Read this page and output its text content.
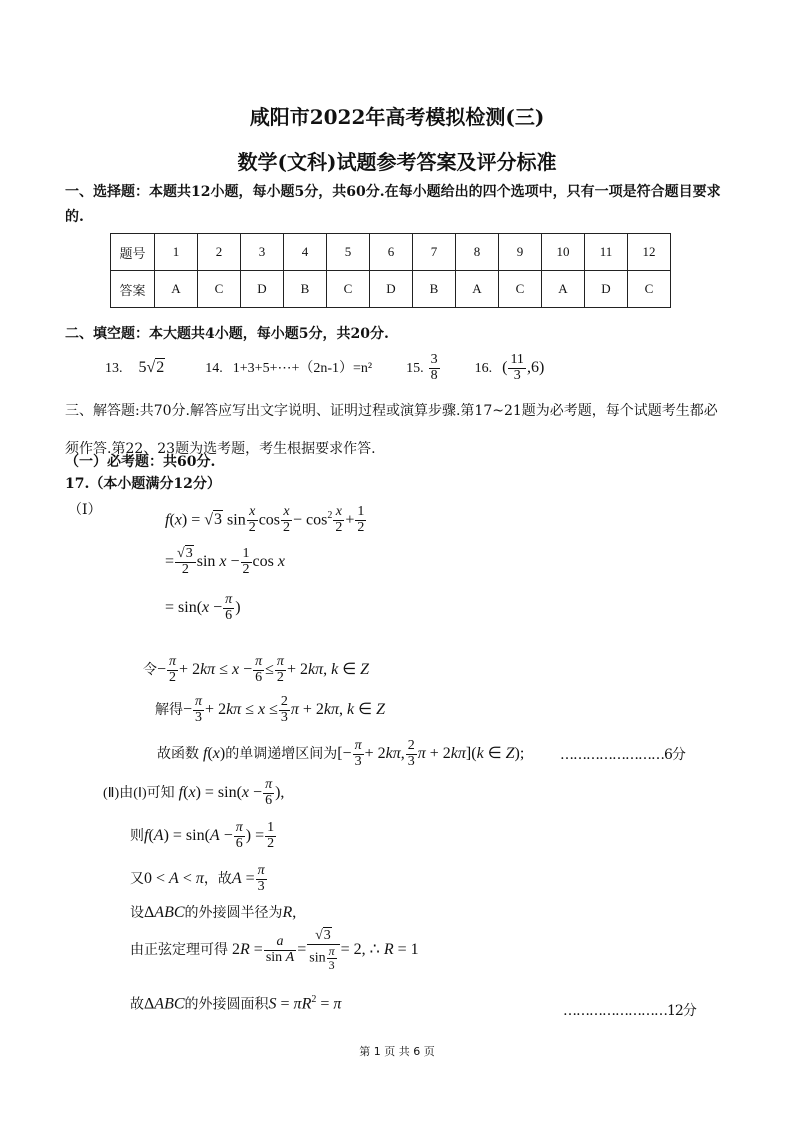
咸阳市2022年高考模拟检测(三)
数学(文科)试题参考答案及评分标准
一、选择题：本题共12小题，每小题5分，共60分.在每小题给出的四个选项中，只有一项是符合题目要求的.
题号	1	2	3	4	5	6	7	8	9	10	11	12
答案	A	C	D	B	C	D	B	A	C	A	D	C
二、填空题：本大题共4小题，每小题5分，共20分.
13. 5√2	14. 1+3+5+⋯+（2n-1）=n² 15. $\frac{3}{8}$	16. ( $\frac{11}{3} ,6$)
三、解答题:共70分.解答应写出文字说明、证明过程或演算步骤.第17~21题为必考题，每个试题考生都必须作答.第22、23题为选考题，考生根据要求作答.
（一）必考题：共60分.
17.（本小题满分12分）
（Ⅰ）
f(x) = √3 $\sin \frac{x}{2}$ $\cos \frac{x}{2} - \cos^2 \frac{x}{2} + \frac{1}{2}$
= $\frac{√3}{2}$ $\sin x - \frac{1}{2}$ cos x
= $\sin(x - \frac{\pi}{6}$ )
令− $\frac{\pi}{2} + 2k\pi \le x - \frac{\pi}{6} \le \frac{\pi}{2} + 2k\pi$, k ∈ Z
解得− $\frac{\pi}{3} + 2k\pi \le x \le \frac{2}{3}$ π + 2kπ, k ∈ Z
故函数 f(x)的单调递增区间为[− $\frac{\pi}{3} + 2k\pi$, $\frac{2}{3}$ π + 2kπ](k ∈ Z);	……………………6分
(Ⅱ)由(Ⅰ)可知 $f(x) = \sin(x - \frac{\pi}{6}$ ),
则$f(A) = \sin(A - \frac{\pi}{6}$ ) = $\frac{1}{2}$
又0 < A < π，故$A = \frac{\pi}{3}$
设ΔABC的外接圆半径为R,
由正弦定理可得 $2R = \frac{a}{\text{sin A}} = \frac{√3}{\sin \frac{\pi}{3}} = 2$, ∴ R = 1
故ΔABC的外接圆面积$S = \pi R^2 = \pi$	……………………12分
第 1 页 共 6 页
